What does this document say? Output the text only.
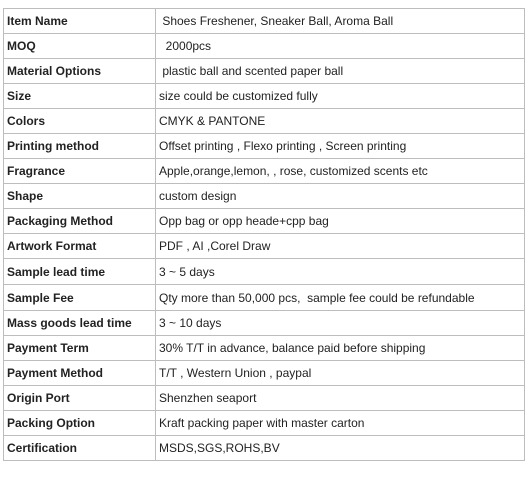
Item Name	Shoes Freshener, Sneaker Ball, Aroma Ball
MOQ	2000pcs
Material Options	plastic ball and scented paper ball
Size	size could be customized fully
Colors	CMYK & PANTONE
Printing method	Offset printing , Flexo printing , Screen printing
Fragrance	Apple,orange,lemon, , rose, customized scents etc
Shape	custom design
Packaging Method	Opp bag or opp heade+cpp bag
Artwork Format	PDF , AI ,Corel Draw
Sample lead time	3 ~ 5 days
Sample Fee	Qty more than 50,000 pcs,  sample fee could be refundable
Mass goods lead time	3 ~ 10 days
Payment Term	30% T/T in advance, balance paid before shipping
Payment Method	T/T , Western Union , paypal
Origin Port	Shenzhen seaport
Packing Option	Kraft packing paper with master carton
Certification	MSDS,SGS,ROHS,BV
